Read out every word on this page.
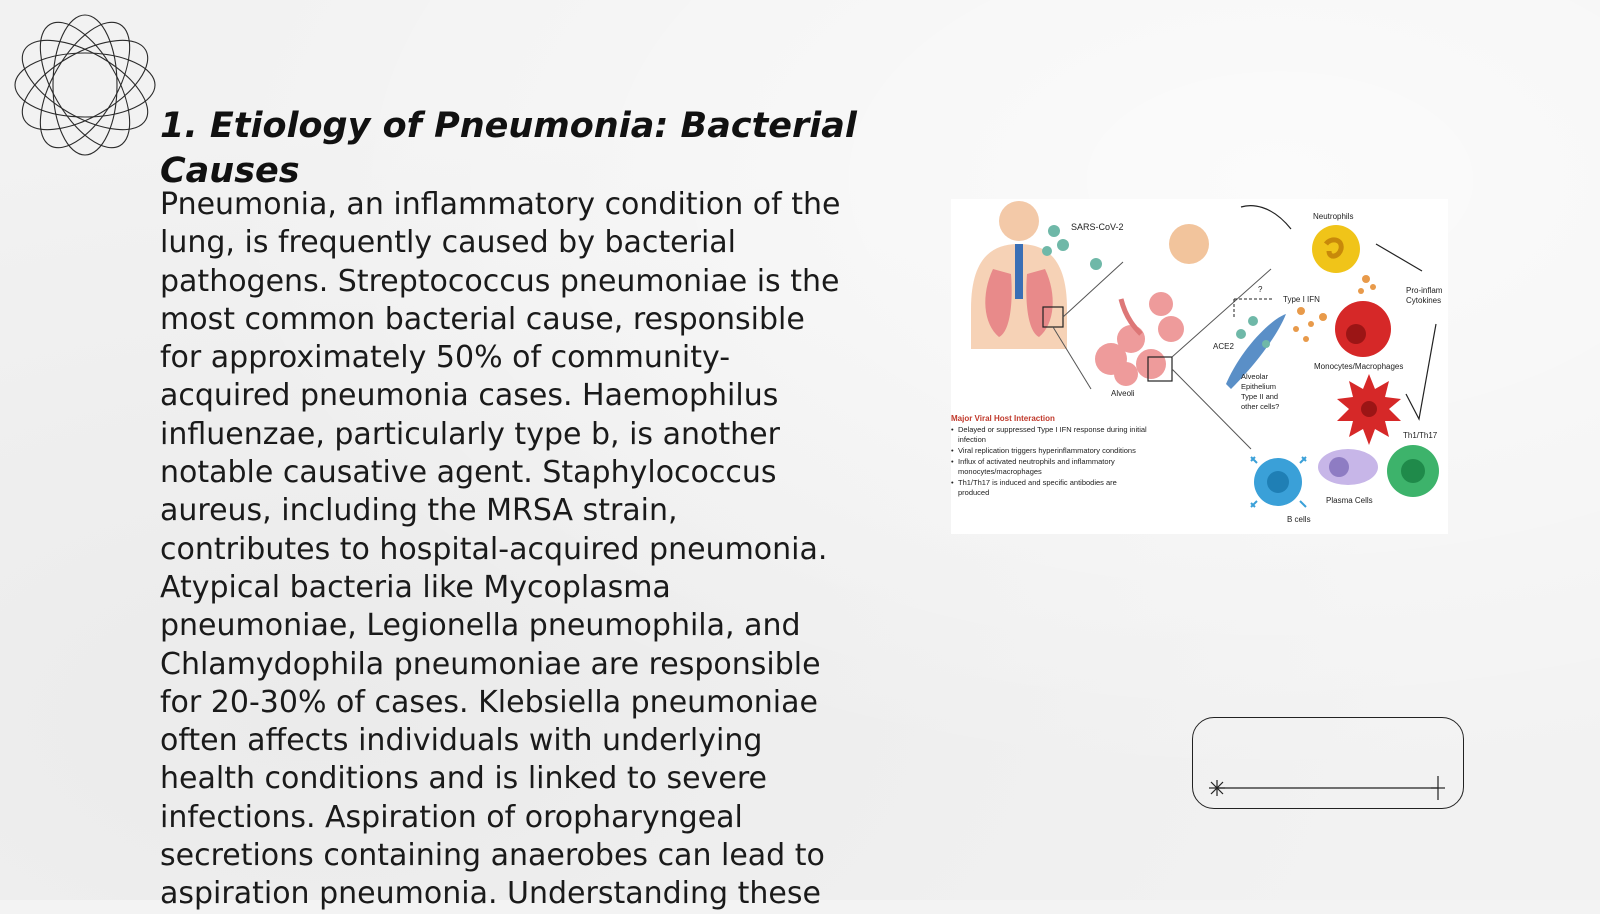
1. Etiology of Pneumonia: Bacterial Causes

Pneumonia, an inflammatory condition of the lung, is frequently caused by bacterial pathogens. Streptococcus pneumoniae is the most common bacterial cause, responsible for approximately 50% of community-acquired pneumonia cases. Haemophilus influenzae, particularly type b, is another notable causative agent. Staphylococcus aureus, including the MRSA strain, contributes to hospital-acquired pneumonia. Atypical bacteria like Mycoplasma pneumoniae, Legionella pneumophila, and Chlamydophila pneumoniae are responsible for 20-30% of cases. Klebsiella pneumoniae often affects individuals with underlying health conditions and is linked to severe infections. Aspiration of oropharyngeal secretions containing anaerobes can lead to aspiration pneumonia. Understanding these

SARS-CoV-2
Alveoli
?
Type I IFN
Neutrophils
Pro-inflam
Cytokines
Monocytes/Macrophages
ACE2
Alveolar
Epithelium
Type II and
other cells?
Th1/Th17
B cells
Plasma Cells
Major Viral Host Interaction
• Delayed or suppressed Type I IFN response during initial
infection
• Viral replication triggers hyperinflammatory conditions
• Influx of activated neutrophils and inflammatory
monocytes/macrophages
• Th1/Th17 is induced and specific antibodies are
produced
